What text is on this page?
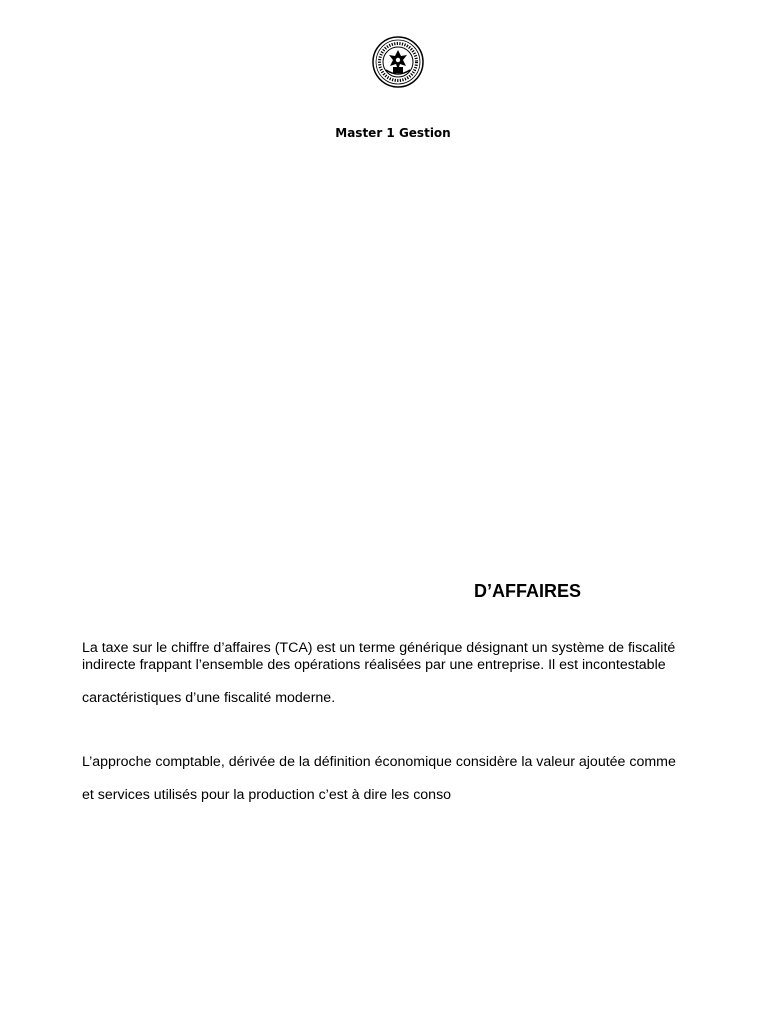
Master 1 Gestion
D’AFFAIRES
La taxe sur le chiffre d’affaires (TCA) est un terme générique désignant un système de fiscalité
indirecte frappant l’ensemble des opérations réalisées par une entreprise. Il est incontestable
caractéristiques d’une fiscalité moderne.
L’approche comptable, dérivée de la définition économique considère la valeur ajoutée comme
et services utilisés pour la production c’est à dire les conso
